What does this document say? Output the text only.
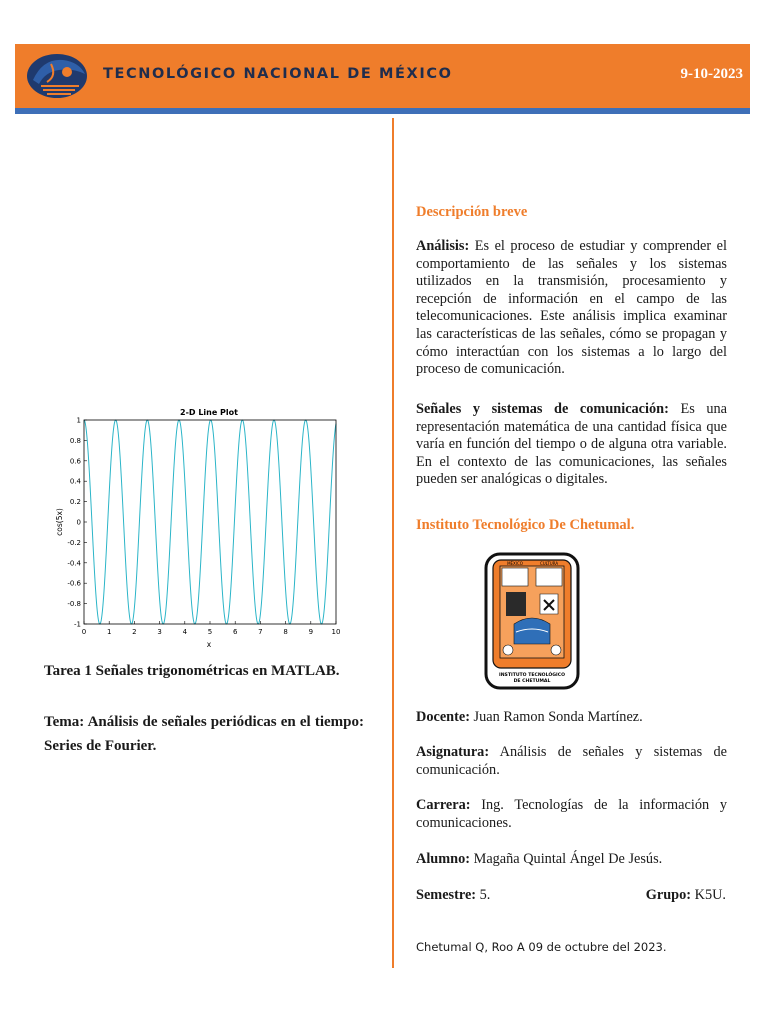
TECNOLÓGICO NACIONAL DE MÉXICO	9-10-2023
2-D Line Plot
cos(5x)
x
0	1	2	3	4	5	6	7	8	9	10
-1
-0.8
-0.6
-0.4
-0.2
0
0.2
0.4
0.6
0.8
1
Tarea 1 Señales trigonométricas en MATLAB.
Tema: Análisis de señales periódicas en el tiempo: Series de Fourier.
Descripción breve
Análisis: Es el proceso de estudiar y comprender el comportamiento de las señales y los sistemas utilizados en la transmisión, procesamiento y recepción de información en el campo de las telecomunicaciones. Este análisis implica examinar las características de las señales, cómo se propagan y cómo interactúan con los sistemas a lo largo del proceso de comunicación.
Señales y sistemas de comunicación: Es una representación matemática de una cantidad física que varía en función del tiempo o de alguna otra variable. En el contexto de las comunicaciones, las señales pueden ser analógicas o digitales.
Instituto Tecnológico De Chetumal.
MÉXICO	CULTURA
INSTITUTO TECNOLÓGICO
DE CHETUMAL
Docente: Juan Ramon Sonda Martínez.
Asignatura: Análisis de señales y sistemas de comunicación.
Carrera: Ing. Tecnologías de la información y comunicaciones.
Alumno: Magaña Quintal Ángel De Jesús.
Semestre: 5.	Grupo: K5U.
Chetumal Q, Roo A 09 de octubre del 2023.
